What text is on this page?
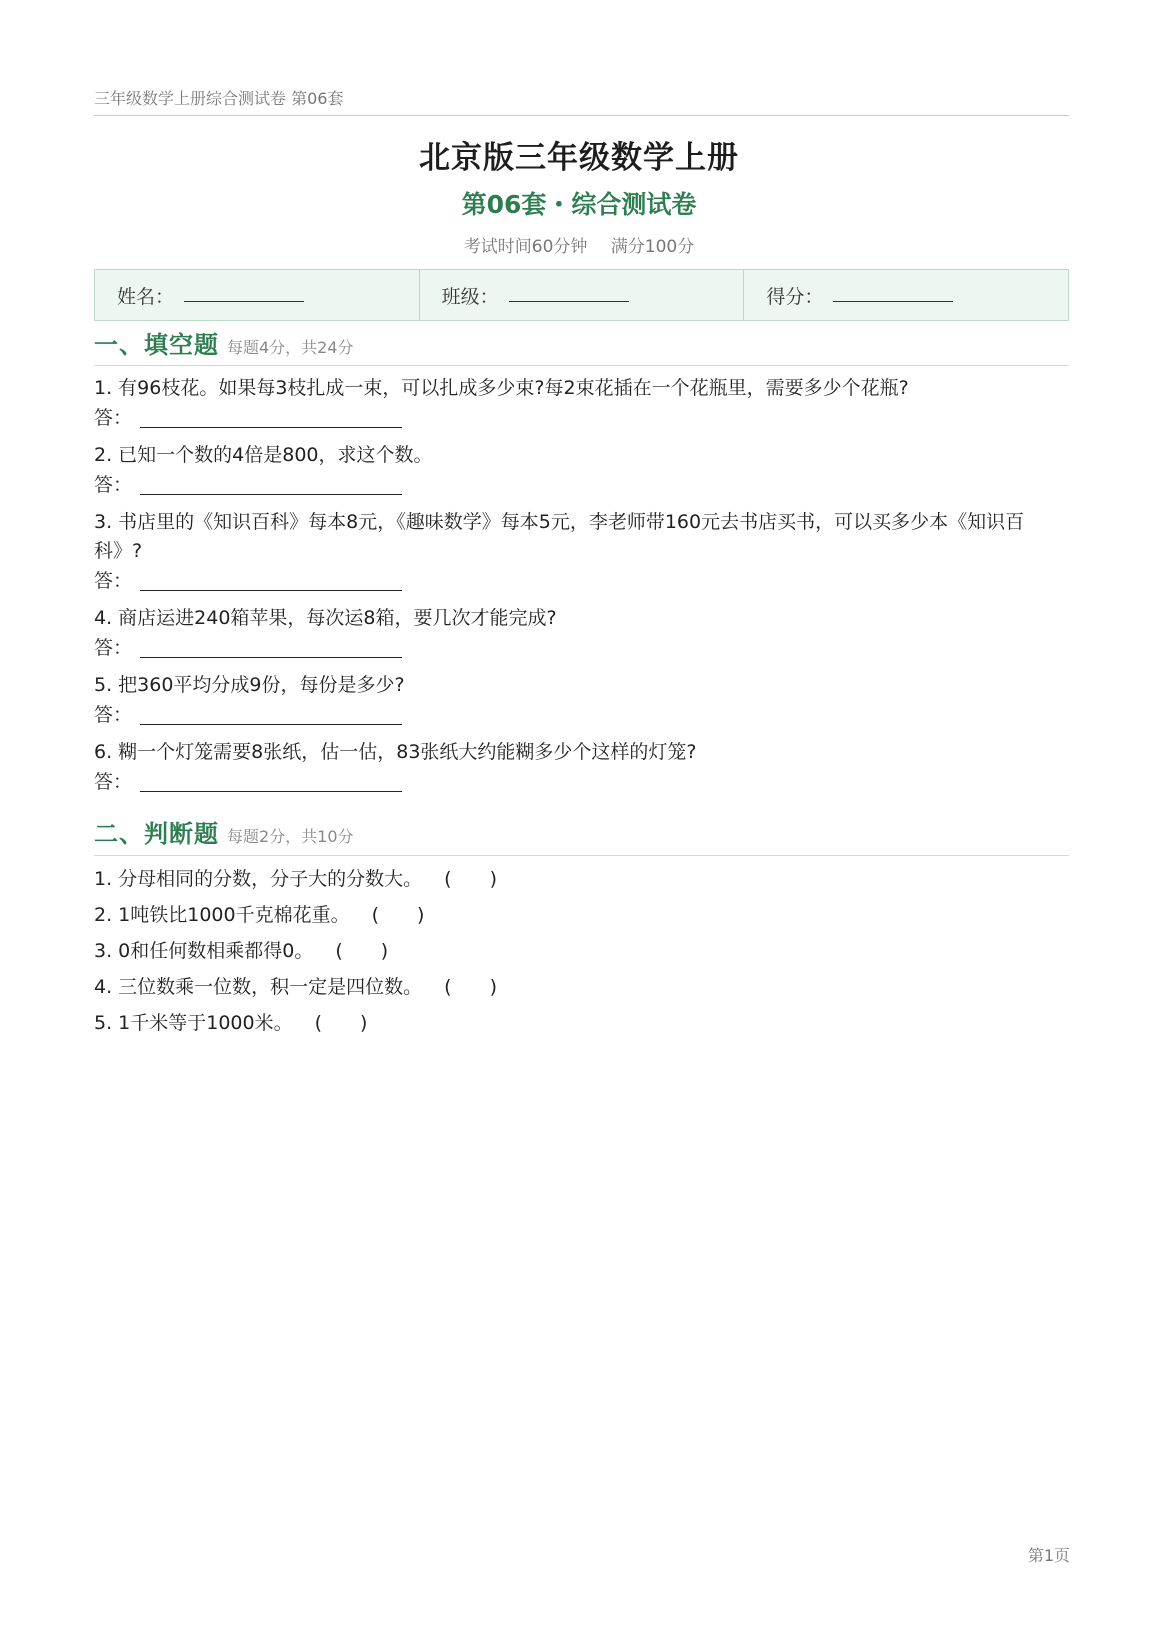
三年级数学上册综合测试卷 第06套
北京版三年级数学上册
第06套・综合测试卷
考试时间60分钟 满分100分
姓名：	班级：	得分：
一、填空题 每题4分，共24分
1. 有96枝花。如果每3枝扎成一束，可以扎成多少束?每2束花插在一个花瓶里，需要多少个花瓶?
答：
2. 已知一个数的4倍是800，求这个数。
答：
3. 书店里的《知识百科》每本8元，《趣味数学》每本5元，李老师带160元去书店买书，可以买多少本《知识百科》?
答：
4. 商店运进240箱苹果，每次运8箱，要几次才能完成?
答：
5. 把360平均分成9份，每份是多少?
答：
6. 糊一个灯笼需要8张纸，估一估，83张纸大约能糊多少个这样的灯笼?
答：
二、判断题 每题2分，共10分
1. 分母相同的分数，分子大的分数大。 (　　)
2. 1吨铁比1000千克棉花重。 (　　)
3. 0和任何数相乘都得0。 (　　)
4. 三位数乘一位数，积一定是四位数。 (　　)
5. 1千米等于1000米。 (　　)
第1页
